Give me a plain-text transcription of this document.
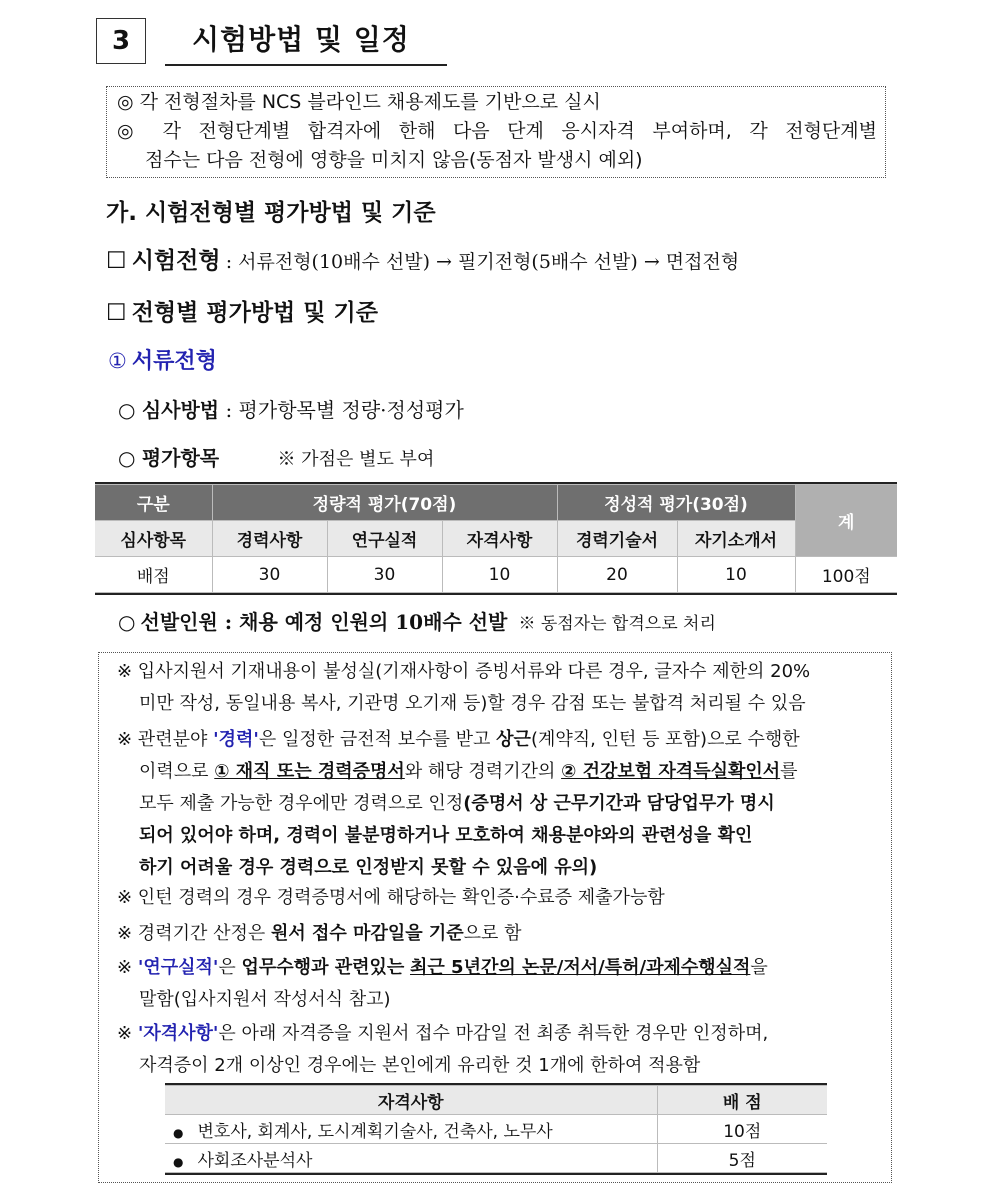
3	시험방법 및 일정
◎ 각 전형절차를 NCS 블라인드 채용제도를 기반으로 실시
◎ 각 전형단계별 합격자에 한해 다음 단계 응시자격 부여하며, 각 전형단계별
점수는 다음 전형에 영향을 미치지 않음(동점자 발생시 예외)
가. 시험전형별 평가방법 및 기준
☐ 시험전형 : 서류전형(10배수 선발) → 필기전형(5배수 선발) → 면접전형
☐ 전형별 평가방법 및 기준
① 서류전형
○ 심사방법 : 평가항목별 정량·정성평가
○ 평가항목	※ 가점은 별도 부여
구분	정량적 평가(70점)			정성적 평가(30점)		계
심사항목	경력사항	연구실적	자격사항	경력기술서	자기소개서	
배점	30	30	10	20	10	100점
○ 선발인원 : 채용 예정 인원의 10배수 선발 ※ 동점자는 합격으로 처리
※ 입사지원서 기재내용이 불성실(기재사항이 증빙서류와 다른 경우, 글자수 제한의 20%
미만 작성, 동일내용 복사, 기관명 오기재 등)할 경우 감점 또는 불합격 처리될 수 있음
※ 관련분야 '경력'은 일정한 금전적 보수를 받고 상근(계약직, 인턴 등 포함)으로 수행한
이력으로 ① 재직 또는 경력증명서와 해당 경력기간의 ② 건강보험 자격득실확인서를
모두 제출 가능한 경우에만 경력으로 인정(증명서 상 근무기간과 담당업무가 명시
되어 있어야 하며, 경력이 불분명하거나 모호하여 채용분야와의 관련성을 확인
하기 어려울 경우 경력으로 인정받지 못할 수 있음에 유의)
※ 인턴 경력의 경우 경력증명서에 해당하는 확인증·수료증 제출가능함
※ 경력기간 산정은 원서 접수 마감일을 기준으로 함
※ '연구실적'은 업무수행과 관련있는 최근 5년간의 논문/저서/특허/과제수행실적을
말함(입사지원서 작성서식 참고)
※ '자격사항'은 아래 자격증을 지원서 접수 마감일 전 최종 취득한 경우만 인정하며,
자격증이 2개 이상인 경우에는 본인에게 유리한 것 1개에 한하여 적용함
자격사항	배 점
● 변호사, 회계사, 도시계획기술사, 건축사, 노무사	10점
● 사회조사분석사	5점
